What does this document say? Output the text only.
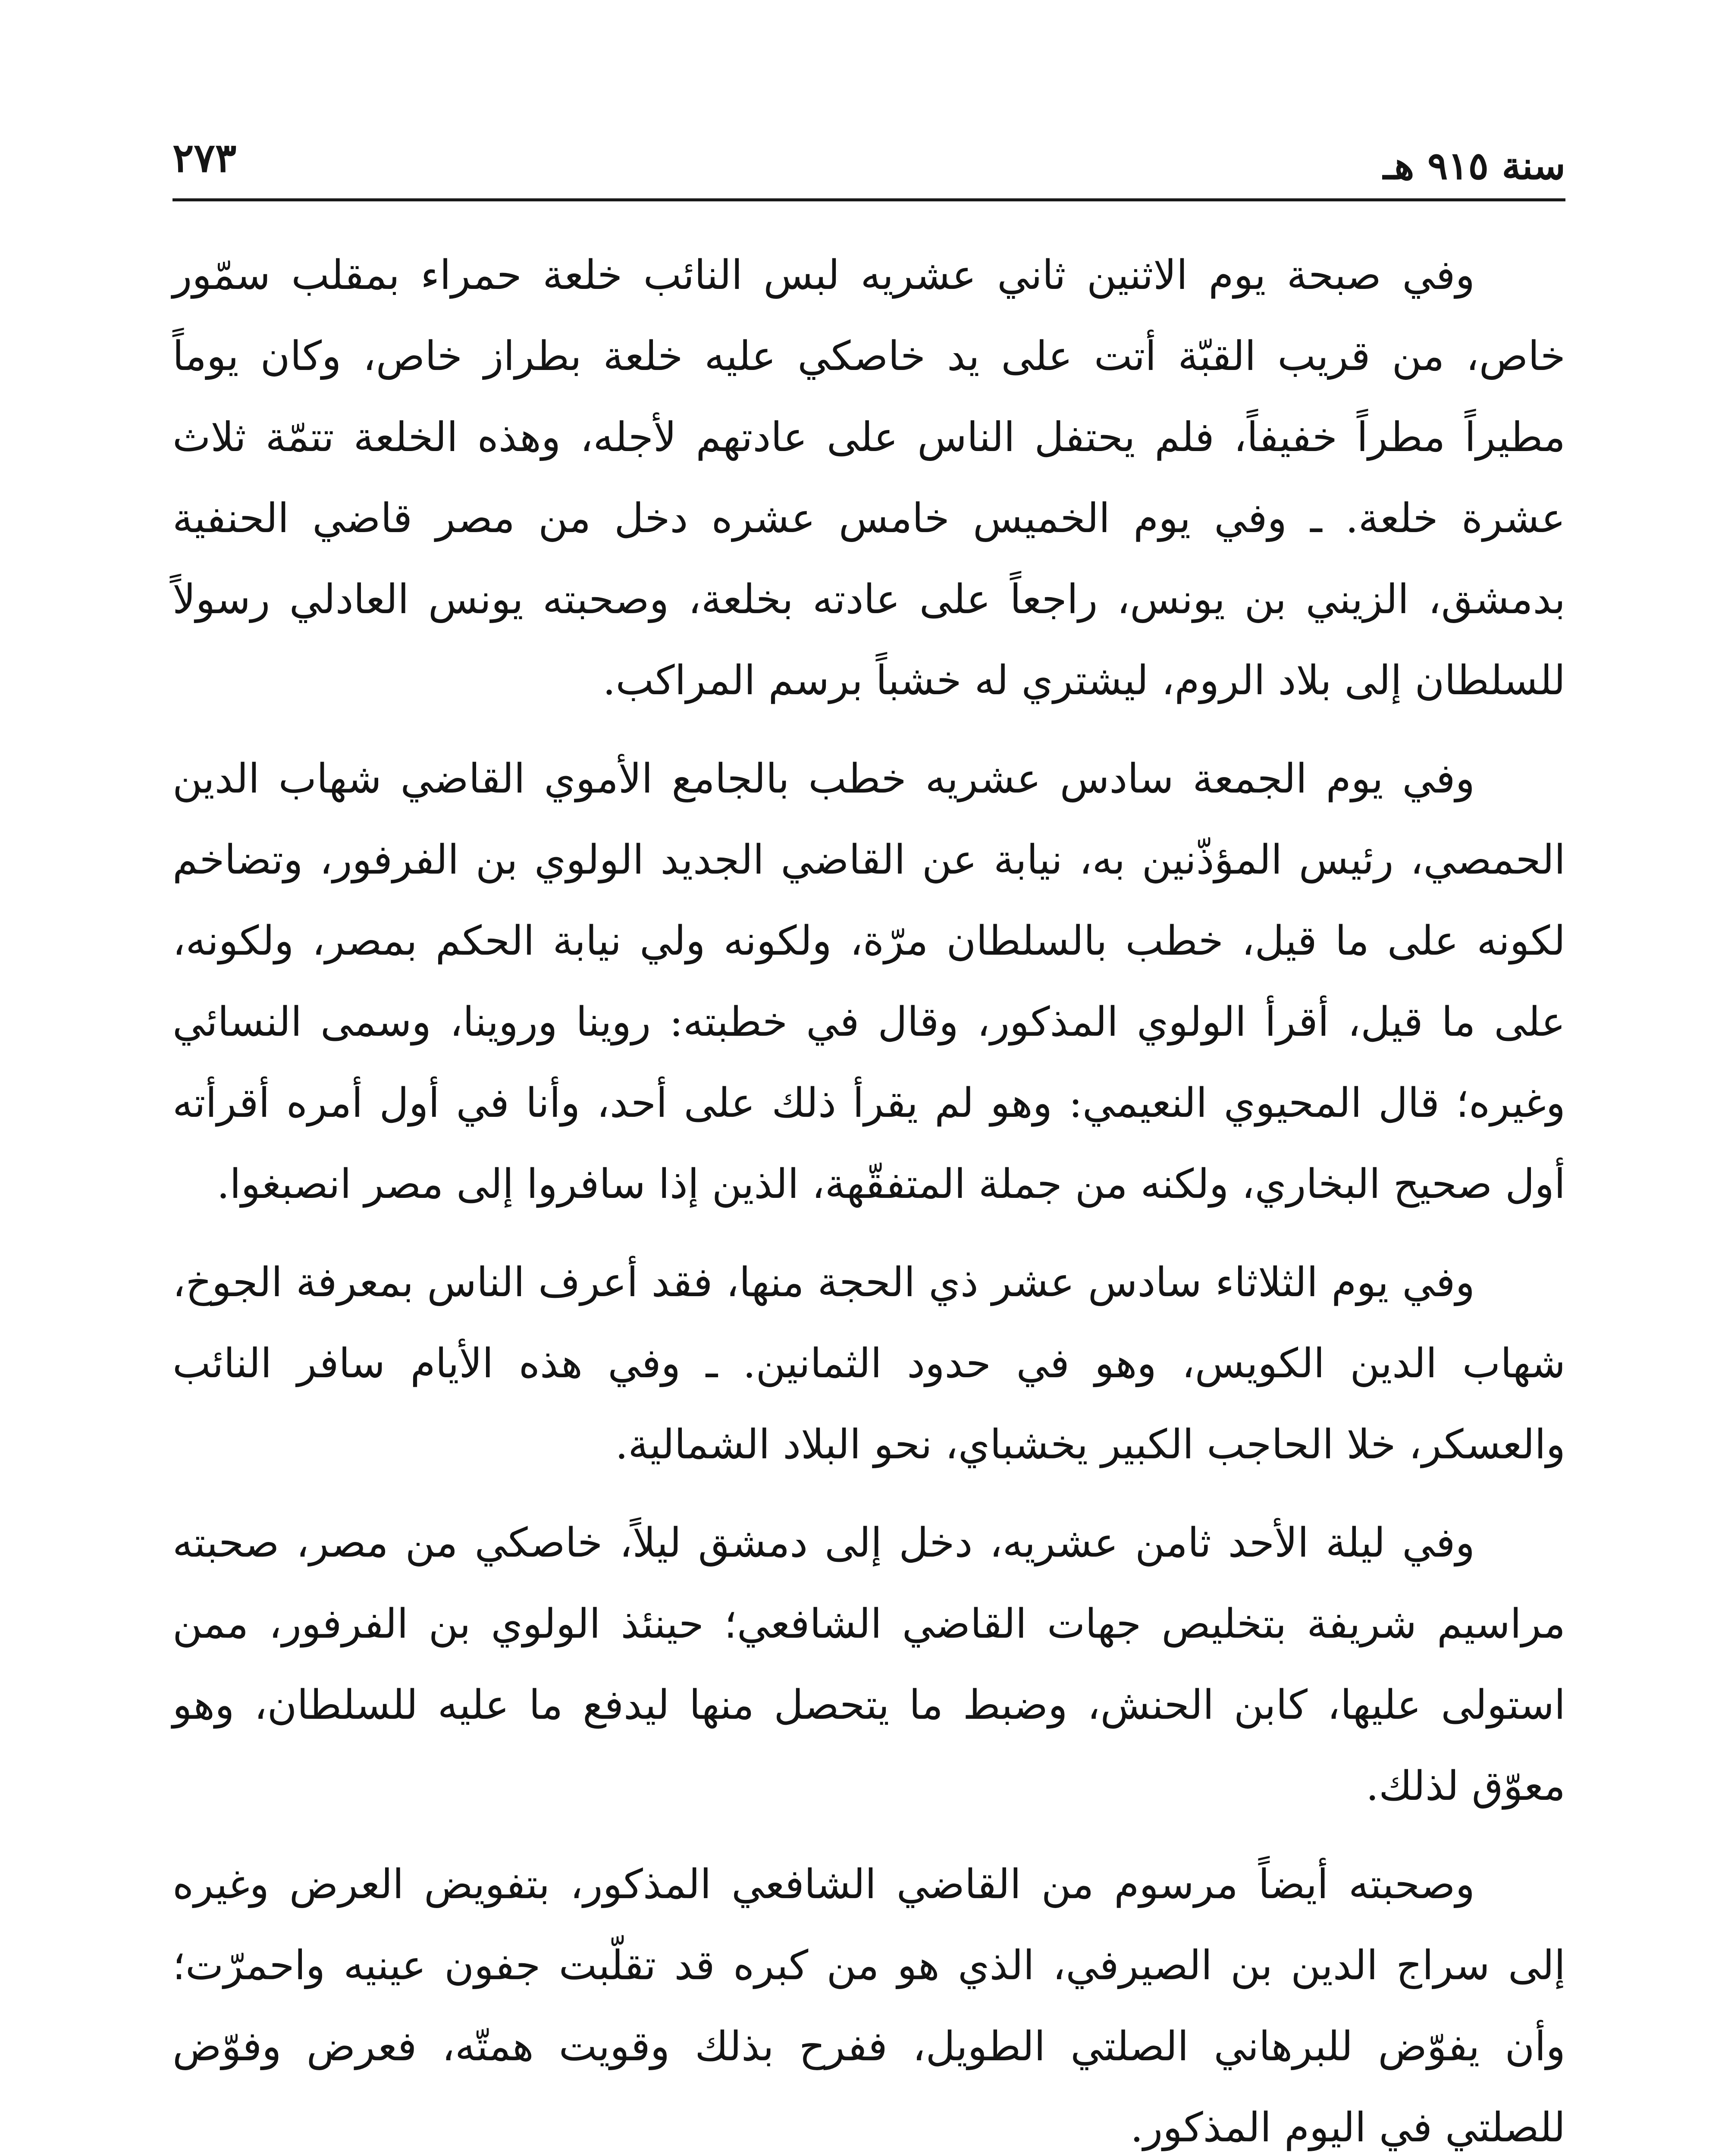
سنة ٩١٥ هـ
٢٧٣

وفي صبحة يوم الاثنين ثاني عشريه لبس النائب خلعة حمراء بمقلب سمّور خاص، من قريب القبّة أتت على يد خاصكي عليه خلعة بطراز خاص، وكان يوماً مطيراً مطراً خفيفاً، فلم يحتفل الناس على عادتهم لأجله، وهذه الخلعة تتمّة ثلاث عشرة خلعة. ـ وفي يوم الخميس خامس عشره دخل من مصر قاضي الحنفية بدمشق، الزيني بن يونس، راجعاً على عادته بخلعة، وصحبته يونس العادلي رسولاً للسلطان إلى بلاد الروم، ليشتري له خشباً برسم المراكب.

وفي يوم الجمعة سادس عشريه خطب بالجامع الأموي القاضي شهاب الدين الحمصي، رئيس المؤذّنين به، نيابة عن القاضي الجديد الولوي بن الفرفور، وتضاخم لكونه على ما قيل، خطب بالسلطان مرّة، ولكونه ولي نيابة الحكم بمصر، ولكونه، على ما قيل، أقرأ الولوي المذكور، وقال في خطبته: روينا وروينا، وسمى النسائي وغيره؛ قال المحيوي النعيمي: وهو لم يقرأ ذلك على أحد، وأنا في أول أمره أقرأته أول صحيح البخاري، ولكنه من جملة المتفقّهة، الذين إذا سافروا إلى مصر انصبغوا.

وفي يوم الثلاثاء سادس عشر ذي الحجة منها، فقد أعرف الناس بمعرفة الجوخ، شهاب الدين الكويس، وهو في حدود الثمانين. ـ وفي هذه الأيام سافر النائب والعسكر، خلا الحاجب الكبير يخشباي، نحو البلاد الشمالية.

وفي ليلة الأحد ثامن عشريه، دخل إلى دمشق ليلاً، خاصكي من مصر، صحبته مراسيم شريفة بتخليص جهات القاضي الشافعي؛ حينئذ الولوي بن الفرفور، ممن استولى عليها، كابن الحنش، وضبط ما يتحصل منها ليدفع ما عليه للسلطان، وهو معوّق لذلك.

وصحبته أيضاً مرسوم من القاضي الشافعي المذكور، بتفويض العرض وغيره إلى سراج الدين بن الصيرفي، الذي هو من كبره قد تقلّبت جفون عينيه واحمرّت؛ وأن يفوّض للبرهاني الصلتي الطويل، ففرح بذلك وقويت همتّه، فعرض وفوّض للصلتي في اليوم المذكور.
